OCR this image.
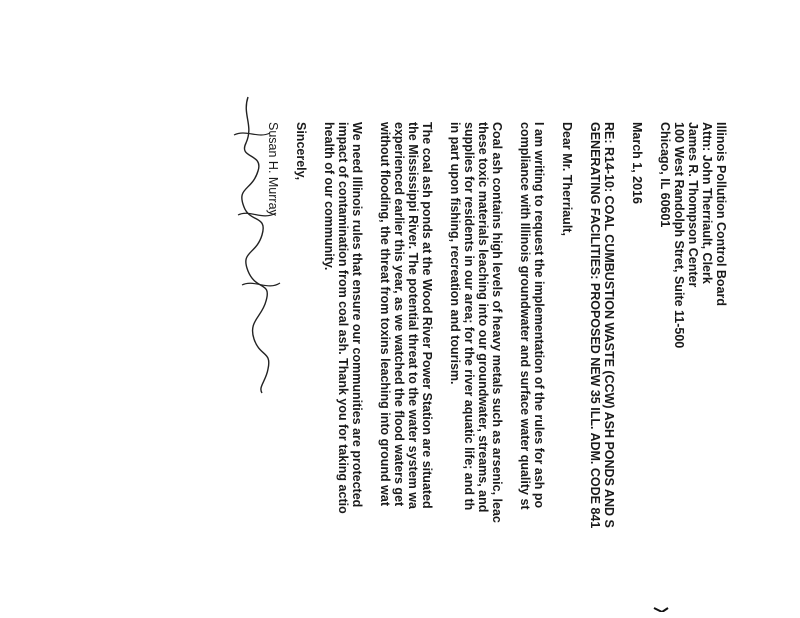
Illinois Pollution Control Board
Attn: John Therriault, Clerk
James R. Thompson Center
100 West Randolph Stret, Suite 11-500
Chicago, IL 60601
March 1, 2016
RE: R14-10: COAL CUMBUSTION WASTE (CCW) ASH PONDS AND S
GENERATING FACILITIES: PROPOSED NEW 35 ILL. ADM. CODE 841
Dear Mr. Therriault,
I am writing to request the implementation of the rules for ash po
compliance with Illinois groundwater and surface water quality st
Coal ash contains high levels of heavy metals such as arsenic, leac
these toxic materials leaching into our groundwater, streams, and
supplies for residents in our area; for the river aquatic life; and th
in part upon fishing, recreation and tourism.
The coal ash ponds at the Wood River Power Station are situated
the Mississippi River. The potential threat to the water system wa
experienced earlier this year, as we watched the flood waters get
without flooding, the threat from toxins leaching into ground wat
We need Illinois rules that ensure our communities are protected
impact of contamination from coal ash. Thank you for taking actio
health of our community.
Sincerely,
Susan H. Murray
